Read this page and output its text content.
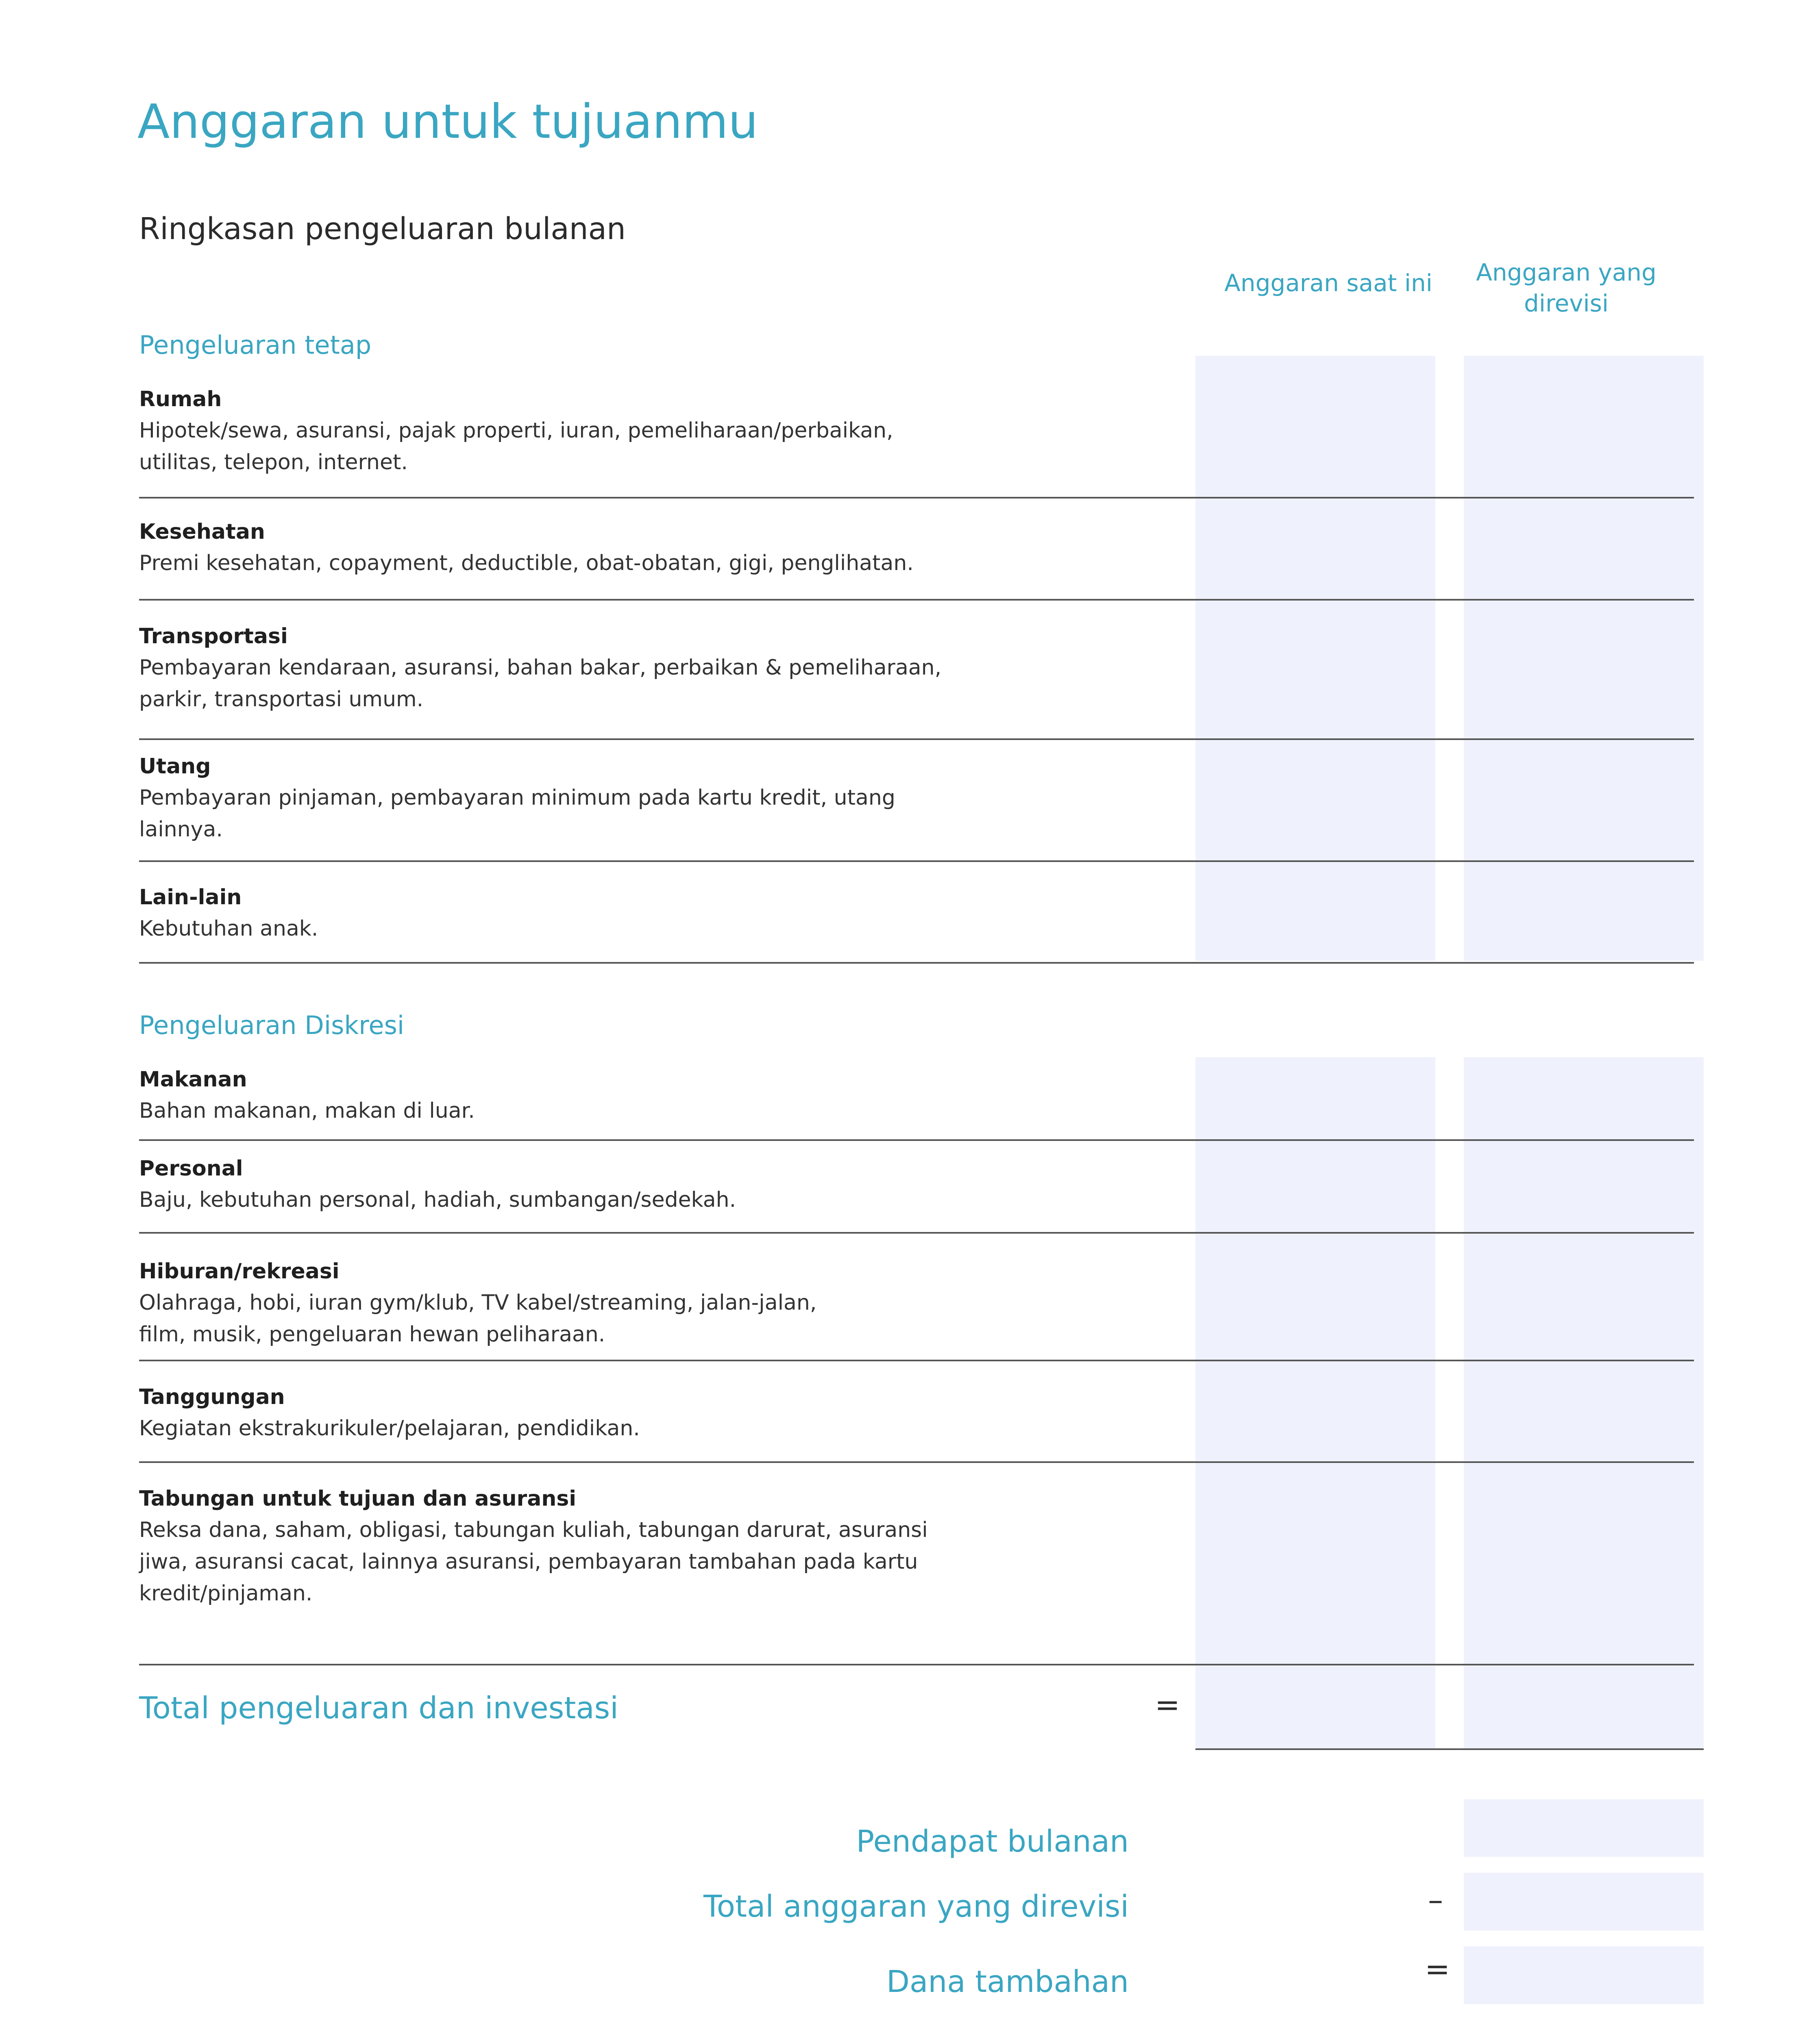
Anggaran untuk tujuanmu
Ringkasan pengeluaran bulanan
Anggaran saat ini	Anggaran yang
direvisi
Pengeluaran tetap
Rumah
Hipotek/sewa, asuransi, pajak properti, iuran, pemeliharaan/perbaikan,
utilitas, telepon, internet.
Kesehatan
Premi kesehatan, copayment, deductible, obat-obatan, gigi, penglihatan.
Transportasi
Pembayaran kendaraan, asuransi, bahan bakar, perbaikan & pemeliharaan,
parkir, transportasi umum.
Utang
Pembayaran pinjaman, pembayaran minimum pada kartu kredit, utang
lainnya.
Lain-lain
Kebutuhan anak.
Pengeluaran Diskresi
Makanan
Bahan makanan, makan di luar.
Personal
Baju, kebutuhan personal, hadiah, sumbangan/sedekah.
Hiburan/rekreasi
Olahraga, hobi, iuran gym/klub, TV kabel/streaming, jalan-jalan,
film, musik, pengeluaran hewan peliharaan.
Tanggungan
Kegiatan ekstrakurikuler/pelajaran, pendidikan.
Tabungan untuk tujuan dan asuransi
Reksa dana, saham, obligasi, tabungan kuliah, tabungan darurat, asuransi
jiwa, asuransi cacat, lainnya asuransi, pembayaran tambahan pada kartu
kredit/pinjaman.
Total pengeluaran dan investasi	=
Pendapat bulanan
Total anggaran yang direvisi	–
Dana tambahan	=
